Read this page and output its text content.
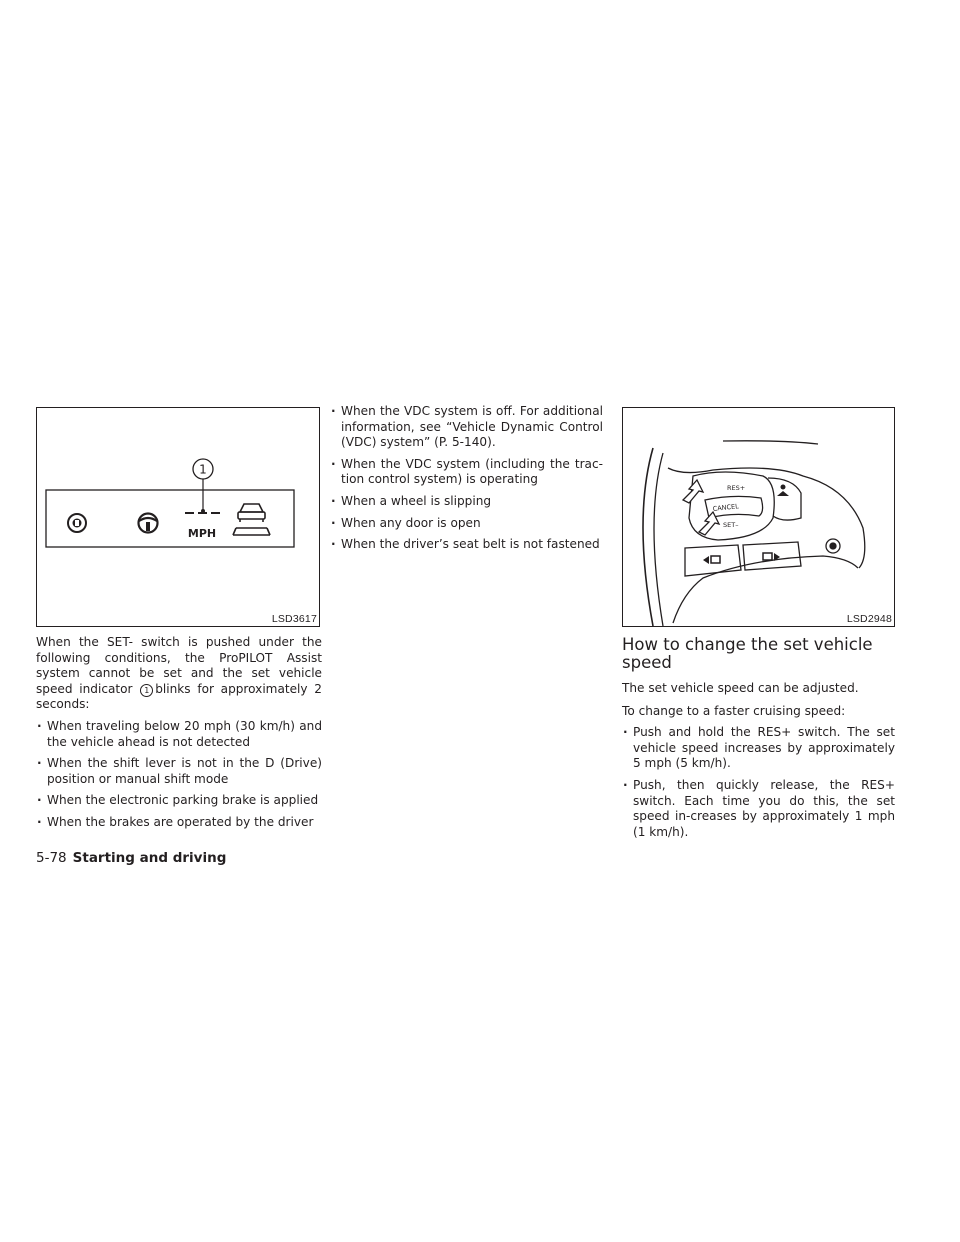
1
MPH
LSD3617

When the SET- switch is pushed under the following conditions, the ProPILOT Assist system cannot be set and the set vehicle speed indicator 1 blinks for approximately 2 seconds:

· When traveling below 20 mph (30 km/h) and the vehicle ahead is not detected
· When the shift lever is not in the D (Drive) position or manual shift mode
· When the electronic parking brake is applied
· When the brakes are operated by the driver
· When the VDC system is off. For additional information, see “Vehicle Dynamic Control (VDC) system” (P. 5-140).
· When the VDC system (including the trac-tion control system) is operating
· When a wheel is slipping
· When any door is open
· When the driver’s seat belt is not fastened
RES+
CANCEL
SET–
LSD2948
How to change the set vehicle speed

The set vehicle speed can be adjusted.

To change to a faster cruising speed:

· Push and hold the RES+ switch. The set vehicle speed increases by approximately 5 mph (5 km/h).
· Push, then quickly release, the RES+ switch. Each time you do this, the set speed in-creases by approximately 1 mph (1 km/h).
5-78 Starting and driving
